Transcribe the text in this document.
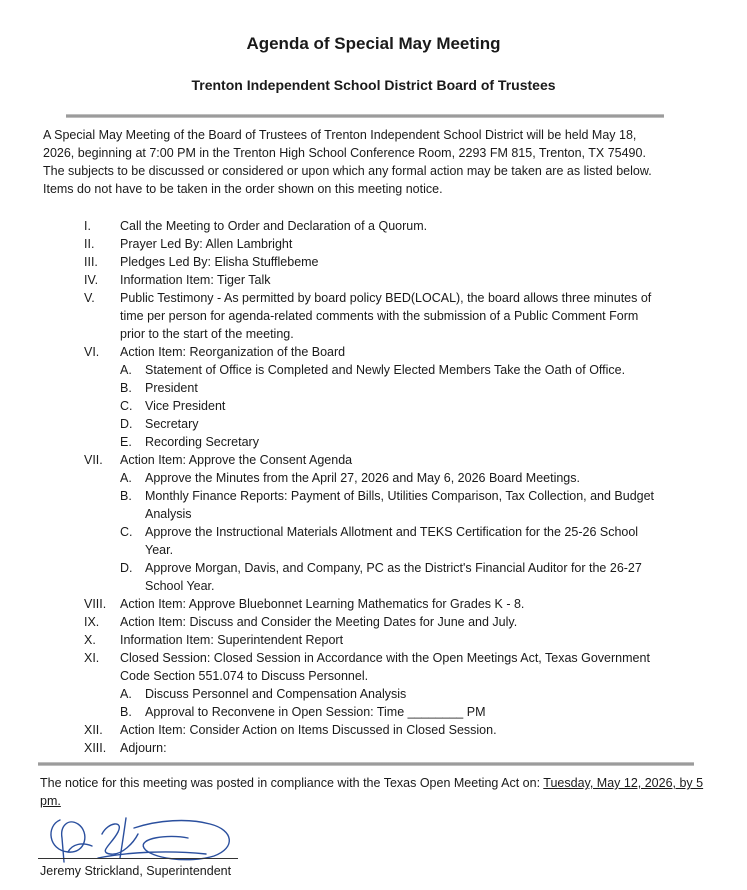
Agenda of Special May Meeting
Trenton Independent School District Board of Trustees
A Special May Meeting of the Board of Trustees of Trenton Independent School District will be held May 18,
2026, beginning at 7:00 PM in the Trenton High School Conference Room, 2293 FM 815, Trenton, TX 75490.
The subjects to be discussed or considered or upon which any formal action may be taken are as listed below.
Items do not have to be taken in the order shown on this meeting notice.
I.	Call the Meeting to Order and Declaration of a Quorum.
II.	Prayer Led By: Allen Lambright
III.	Pledges Led By: Elisha Stufflebeme
IV.	Information Item: Tiger Talk
V.	Public Testimony - As permitted by board policy BED(LOCAL), the board allows three minutes of
time per person for agenda-related comments with the submission of a Public Comment Form
prior to the start of the meeting.
VI.	Action Item: Reorganization of the Board
A.	Statement of Office is Completed and Newly Elected Members Take the Oath of Office.
B.	President
C.	Vice President
D.	Secretary
E.	Recording Secretary
VII.	Action Item: Approve the Consent Agenda
A.	Approve the Minutes from the April 27, 2026 and May 6, 2026 Board Meetings.
B.	Monthly Finance Reports: Payment of Bills, Utilities Comparison, Tax Collection, and Budget
Analysis
C.	Approve the Instructional Materials Allotment and TEKS Certification for the 25-26 School
Year.
D.	Approve Morgan, Davis, and Company, PC as the District's Financial Auditor for the 26-27
School Year.
VIII.	Action Item: Approve Bluebonnet Learning Mathematics for Grades K - 8.
IX.	Action Item: Discuss and Consider the Meeting Dates for June and July.
X.	Information Item: Superintendent Report
XI.	Closed Session: Closed Session in Accordance with the Open Meetings Act, Texas Government
Code Section 551.074 to Discuss Personnel.
A.	Discuss Personnel and Compensation Analysis
B.	Approval to Reconvene in Open Session: Time ________ PM
XII.	Action Item: Consider Action on Items Discussed in Closed Session.
XIII.	Adjourn:
The notice for this meeting was posted in compliance with the Texas Open Meeting Act on: Tuesday, May 12, 2026, by 5 pm.
Jeremy Strickland, Superintendent
